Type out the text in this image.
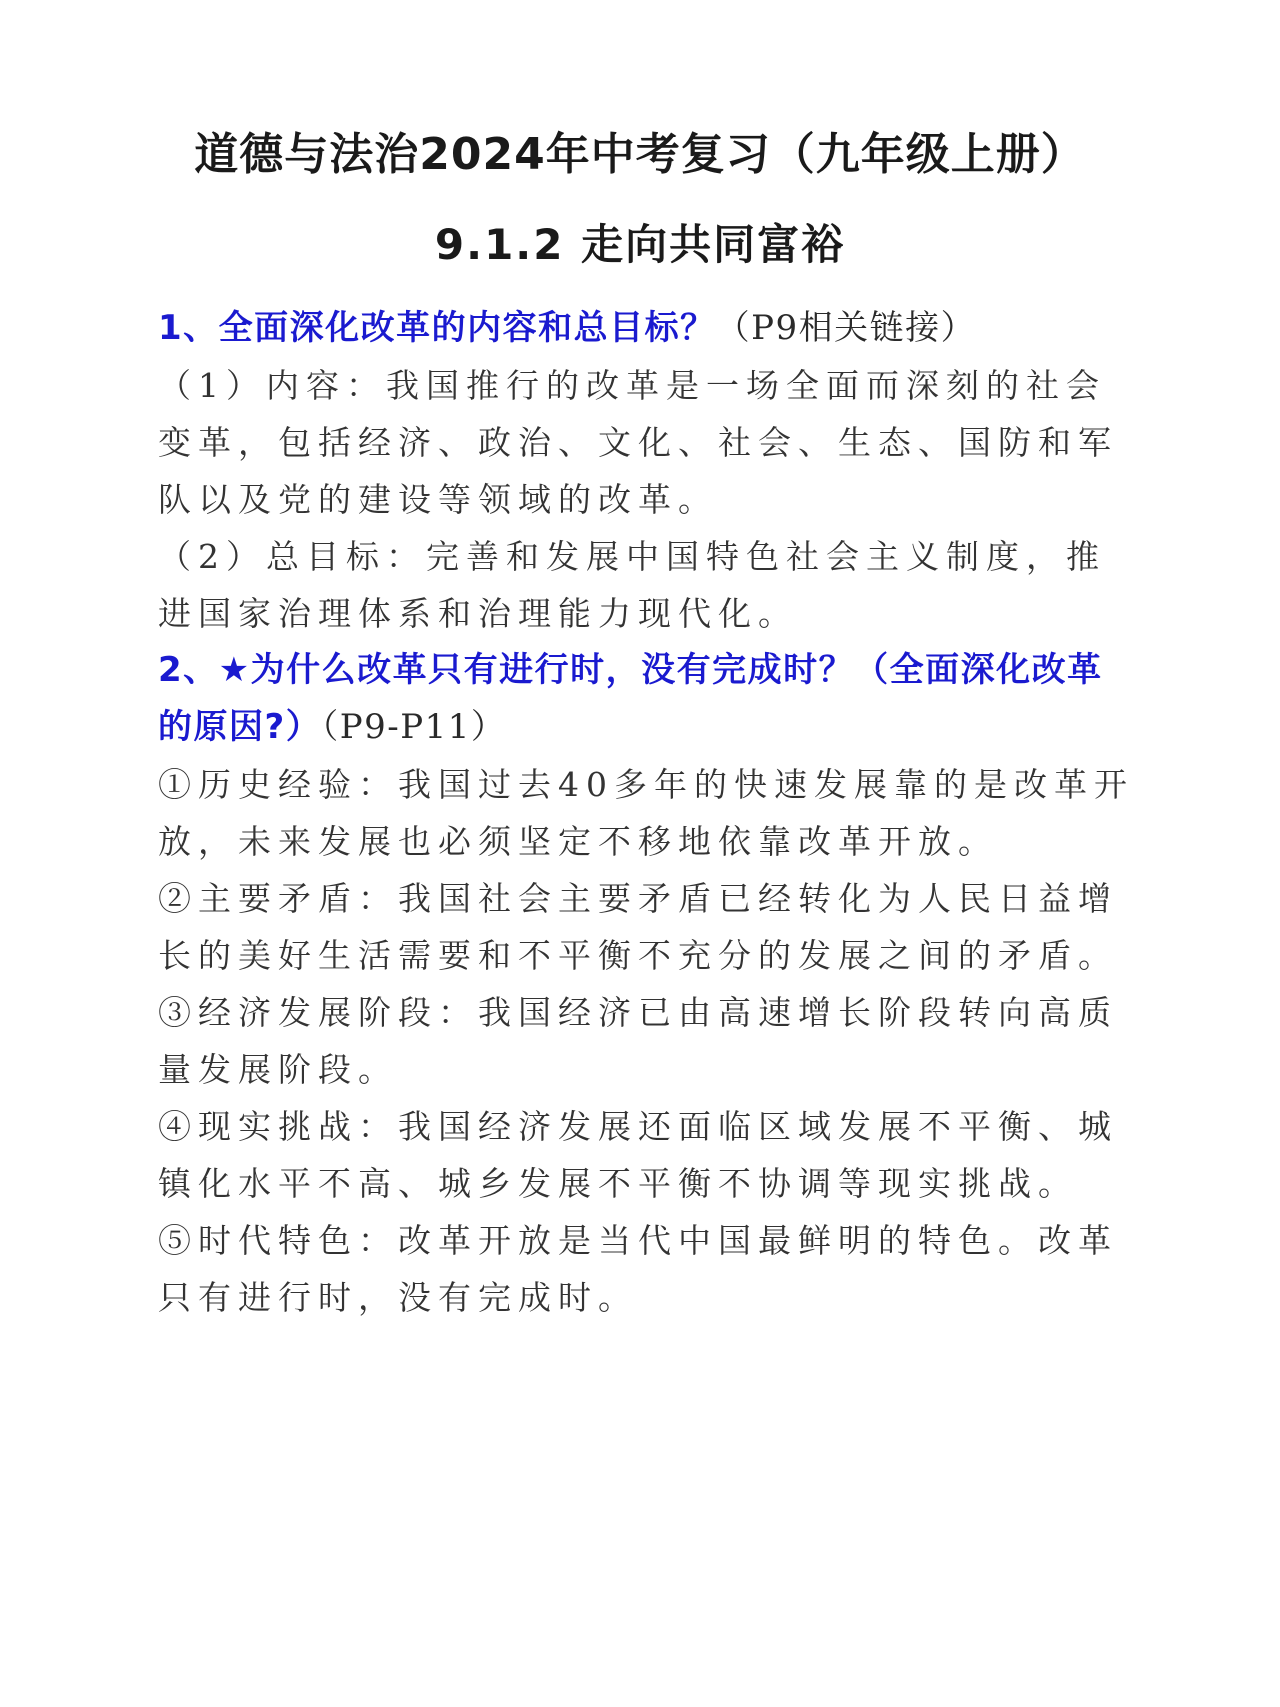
道德与法治2024年中考复习（九年级上册）
9.1.2 走向共同富裕

1、全面深化改革的内容和总目标？（P9相关链接）

（1）内容：我国推行的改革是一场全面而深刻的社会变革，包括经济、政治、文化、社会、生态、国防和军队以及党的建设等领域的改革。

（2）总目标：完善和发展中国特色社会主义制度，推进国家治理体系和治理能力现代化。

2、★为什么改革只有进行时，没有完成时？（全面深化改革的原因?）（P9-P11）

①历史经验：我国过去40多年的快速发展靠的是改革开放，未来发展也必须坚定不移地依靠改革开放。

②主要矛盾：我国社会主要矛盾已经转化为人民日益增长的美好生活需要和不平衡不充分的发展之间的矛盾。

③经济发展阶段：我国经济已由高速增长阶段转向高质量发展阶段。

④现实挑战：我国经济发展还面临区域发展不平衡、城镇化水平不高、城乡发展不平衡不协调等现实挑战。

⑤时代特色：改革开放是当代中国最鲜明的特色。改革只有进行时，没有完成时。
